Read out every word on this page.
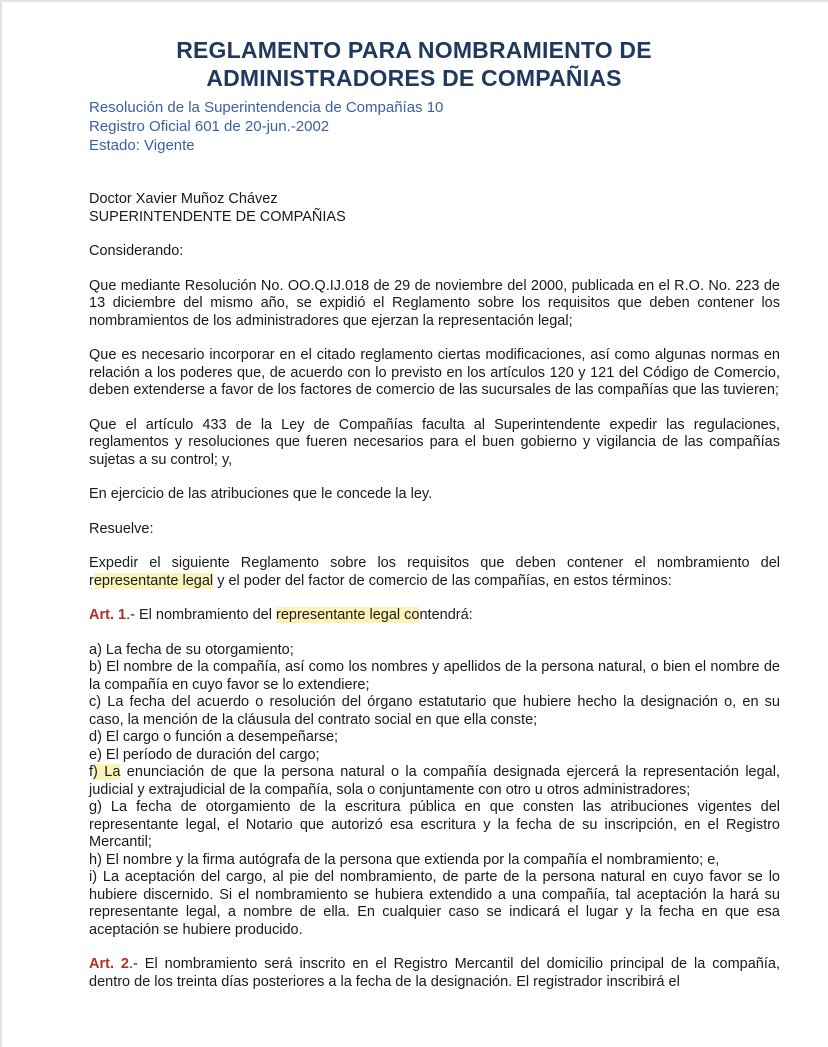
REGLAMENTO PARA NOMBRAMIENTO DE
ADMINISTRADORES DE COMPAÑIAS
Resolución de la Superintendencia de Compañías 10
Registro Oficial 601 de 20-jun.-2002
Estado: Vigente

Doctor Xavier Muñoz Chávez

SUPERINTENDENTE DE COMPAÑIAS

Considerando:

Que mediante Resolución No. OO.Q.IJ.018 de 29 de noviembre del 2000, publicada en el R.O. No. 223 de 13 diciembre del mismo año, se expidió el Reglamento sobre los requisitos que deben contener los nombramientos de los administradores que ejerzan la representación legal;

Que es necesario incorporar en el citado reglamento ciertas modificaciones, así como algunas normas en relación a los poderes que, de acuerdo con lo previsto en los artículos 120 y 121 del Código de Comercio, deben extenderse a favor de los factores de comercio de las sucursales de las compañías que las tuvieren;

Que el artículo 433 de la Ley de Compañías faculta al Superintendente expedir las regulaciones, reglamentos y resoluciones que fueren necesarios para el buen gobierno y vigilancia de las compañías sujetas a su control; y,

En ejercicio de las atribuciones que le concede la ley.

Resuelve:

Expedir el siguiente Reglamento sobre los requisitos que deben contener el nombramiento del representante legal y el poder del factor de comercio de las compañías, en estos términos:

Art. 1.- El nombramiento del representante legal contendrá:

a) La fecha de su otorgamiento;
b) El nombre de la compañía, así como los nombres y apellidos de la persona natural, o bien el nombre de la compañía en cuyo favor se lo extendiere;
c) La fecha del acuerdo o resolución del órgano estatutario que hubiere hecho la designación o, en su caso, la mención de la cláusula del contrato social en que ella conste;
d) El cargo o función a desempeñarse;
e) El período de duración del cargo;
f) La enunciación de que la persona natural o la compañía designada ejercerá la representación legal, judicial y extrajudicial de la compañía, sola o conjuntamente con otro u otros administradores;
g) La fecha de otorgamiento de la escritura pública en que consten las atribuciones vigentes del representante legal, el Notario que autorizó esa escritura y la fecha de su inscripción, en el Registro Mercantil;
h) El nombre y la firma autógrafa de la persona que extienda por la compañía el nombramiento; e,
i) La aceptación del cargo, al pie del nombramiento, de parte de la persona natural en cuyo favor se lo hubiere discernido. Si el nombramiento se hubiera extendido a una compañía, tal aceptación la hará su representante legal, a nombre de ella. En cualquier caso se indicará el lugar y la fecha en que esa aceptación se hubiere producido.

Art. 2.- El nombramiento será inscrito en el Registro Mercantil del domicilio principal de la compañía, dentro de los treinta días posteriores a la fecha de la designación. El registrador inscribirá el
